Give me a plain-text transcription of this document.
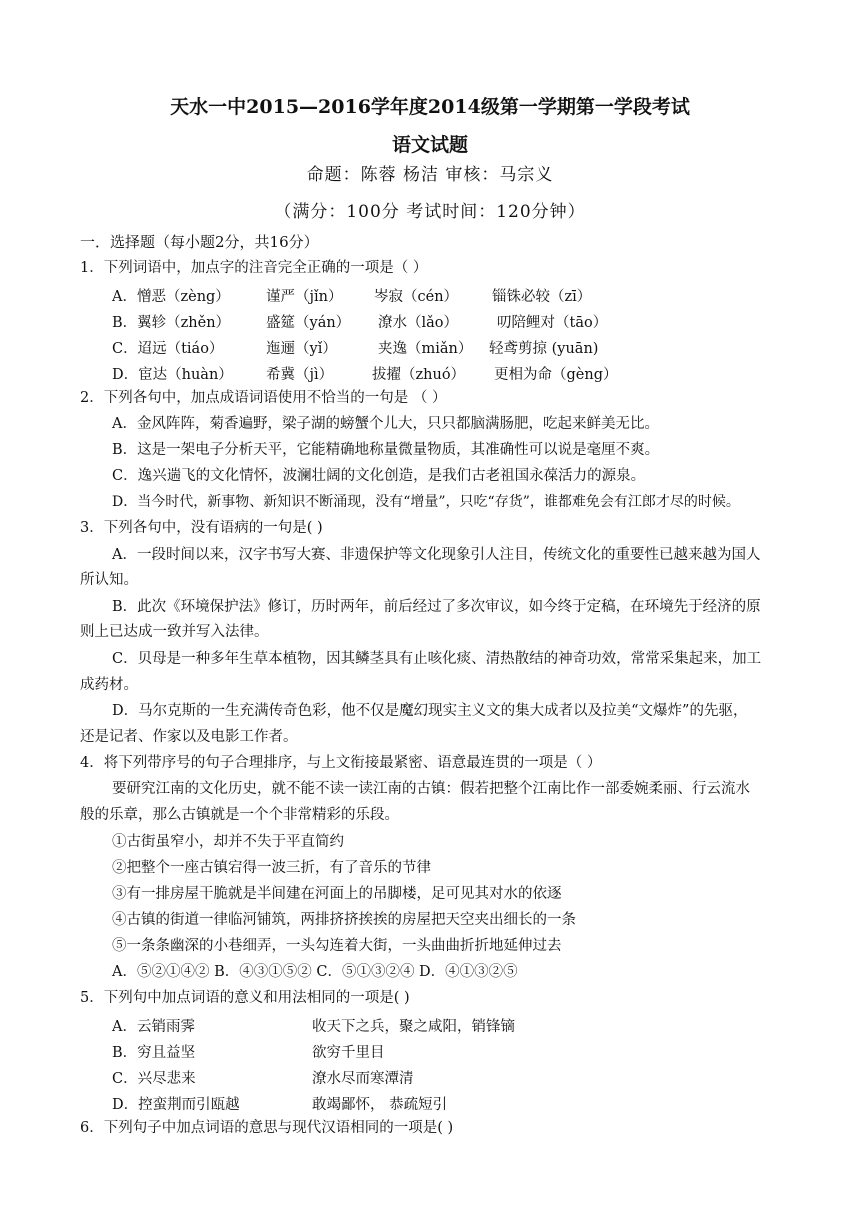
天水一中2015—2016学年度2014级第一学期第一学段考试
语文试题
命题：陈蓉 杨洁 审核：马宗义
（满分：100分 考试时间：120分钟）
一．选择题（每小题2分，共16分）
1．下列词语中，加点字的注音完全正确的一项是（ ）
A．憎恶（zèng） 谨严（jǐn） 岑寂（cén） 锱铢必较（zī）
B．翼轸（zhěn） 盛筵（yán） 潦水（lǎo）	叨陪鲤对（tāo）
C．迢远（tiáo）	迤逦（yǐ）	夹逸（miǎn） 轻鸢剪掠 (yuān)
D．宦达（huàn） 希冀（jì）	拔擢（zhuó） 更相为命（gèng）
2．下列各句中，加点成语词语使用不恰当的一句是 （ ）
A．金风阵阵，菊香遍野，梁子湖的螃蟹个儿大，只只都脑满肠肥，吃起来鲜美无比。
B．这是一架电子分析天平，它能精确地称量微量物质，其准确性可以说是毫厘不爽。
C．逸兴遄飞的文化情怀，波澜壮阔的文化创造，是我们古老祖国永葆活力的源泉。
D．当今时代，新事物、新知识不断涌现，没有“增量”，只吃“存货”，谁都难免会有江郎才尽的时候。
3．下列各句中，没有语病的一句是( )
A．一段时间以来，汉字书写大赛、非遗保护等文化现象引人注目，传统文化的重要性已越来越为国人
所认知。
B．此次《环境保护法》修订，历时两年，前后经过了多次审议，如今终于定稿，在环境先于经济的原
则上已达成一致并写入法律。
C．贝母是一种多年生草本植物，因其鳞茎具有止咳化痰、清热散结的神奇功效，常常采集起来，加工
成药材。
D．马尔克斯的一生充满传奇色彩，他不仅是魔幻现实主义文的集大成者以及拉美“文爆炸”的先驱，
还是记者、作家以及电影工作者。
4．将下列带序号的句子合理排序，与上文衔接最紧密、语意最连贯的一项是（ ）
要研究江南的文化历史，就不能不读一读江南的古镇：假若把整个江南比作一部委婉柔丽、行云流水
般的乐章，那么古镇就是一个个非常精彩的乐段。
①古街虽窄小，却并不失于平直简约
②把整个一座古镇宕得一波三折，有了音乐的节律
③有一排房屋干脆就是半间建在河面上的吊脚楼，足可见其对水的依逐
④古镇的街道一律临河铺筑，两排挤挤挨挨的房屋把天空夹出细长的一条
⑤一条条幽深的小巷细弄，一头勾连着大街，一头曲曲折折地延伸过去
A．⑤②①④② B．④③①⑤② C．⑤①③②④ D．④①③②⑤
5．下列句中加点词语的意义和用法相同的一项是( )
A．云销雨霁	收天下之兵，聚之咸阳，销锋镝
B．穷且益坚	欲穷千里目
C．兴尽悲来	潦水尽而寒潭清
D．控蛮荆而引瓯越	敢竭鄙怀， 恭疏短引
6．下列句子中加点词语的意思与现代汉语相同的一项是( )
